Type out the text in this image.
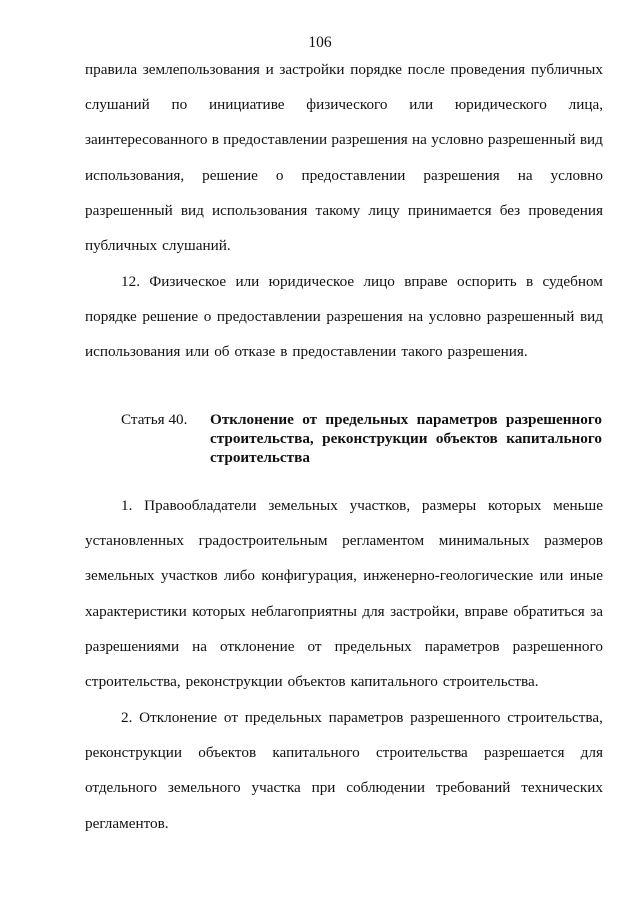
106
правила землепользования и застройки порядке после проведения публичных
слушаний по инициативе физического или юридического лица,
заинтересованного в предоставлении разрешения на условно разрешенный вид
использования, решение о предоставлении разрешения на условно
разрешенный вид использования такому лицу принимается без проведения
публичных слушаний.
12. Физическое или юридическое лицо вправе оспорить в судебном
порядке решение о предоставлении разрешения на условно разрешенный вид
использования или об отказе в предоставлении такого разрешения.
Статья 40. Отклонение от предельных параметров разрешенного
строительства, реконструкции объектов капитального
строительства
1. Правообладатели земельных участков, размеры которых меньше
установленных градостроительным регламентом минимальных размеров
земельных участков либо конфигурация, инженерно-геологические или иные
характеристики которых неблагоприятны для застройки, вправе обратиться за
разрешениями на отклонение от предельных параметров разрешенного
строительства, реконструкции объектов капитального строительства.
2. Отклонение от предельных параметров разрешенного строительства,
реконструкции объектов капитального строительства разрешается для
отдельного земельного участка при соблюдении требований технических
регламентов.
